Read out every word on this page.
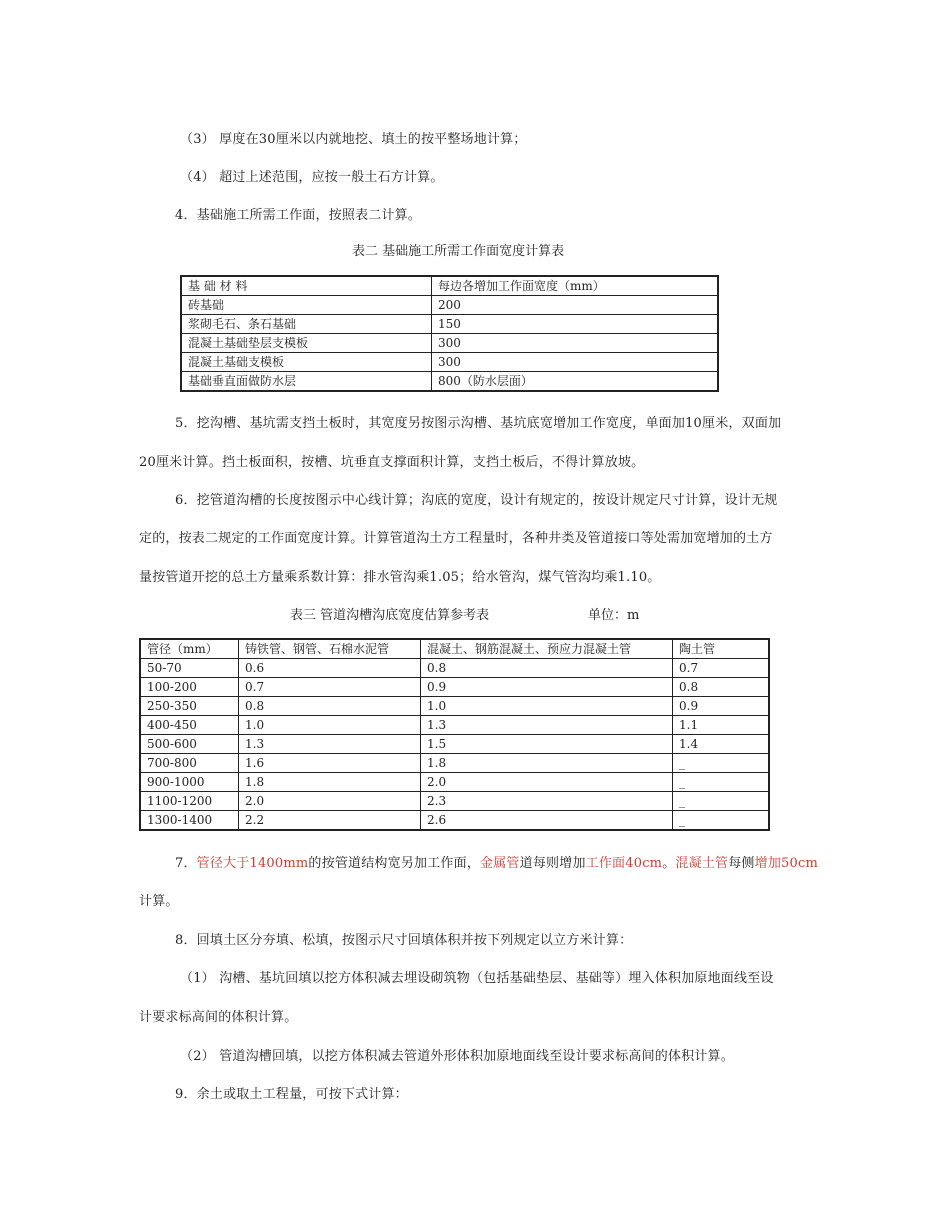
（3） 厚度在30厘米以内就地挖、填土的按平整场地计算；

（4） 超过上述范围，应按一般土石方计算。

4．基础施工所需工作面，按照表二计算。

表二 基础施工所需工作面宽度计算表
基 础 材 料	每边各增加工作面宽度（mm）
砖基础	200
浆砌毛石、条石基础	150
混凝土基础垫层支模板	300
混凝土基础支模板	300
基础垂直面做防水层	800（防水层面）

5．挖沟槽、基坑需支挡土板时，其宽度另按图示沟槽、基坑底宽增加工作宽度，单面加10厘米，双面加

20厘米计算。挡土板面积，按槽、坑垂直支撑面积计算，支挡土板后，不得计算放坡。

6．挖管道沟槽的长度按图示中心线计算；沟底的宽度，设计有规定的，按设计规定尺寸计算，设计无规

定的，按表二规定的工作面宽度计算。计算管道沟土方工程量时，各种井类及管道接口等处需加宽增加的土方

量按管道开挖的总土方量乘系数计算：排水管沟乘1.05；给水管沟，煤气管沟均乘1.10。

表三 管道沟槽沟底宽度估算参考表	单位：m
管径（mm）	铸铁管、钢管、石棉水泥管	混凝土、钢筋混凝土、预应力混凝土管	陶土管
50-70	0.6	0.8	0.7
100-200	0.7	0.9	0.8
250-350	0.8	1.0	0.9
400-450	1.0	1.3	1.1
500-600	1.3	1.5	1.4
700-800	1.6	1.8	_
900-1000	1.8	2.0	_
1100-1200	2.0	2.3	_
1300-1400	2.2	2.6	_

7．管径大于1400mm的按管道结构宽另加工作面，金属管道每则增加工作面40cm。混凝土管每侧增加50cm

计算。

8．回填土区分夯填、松填，按图示尺寸回填体积并按下列规定以立方米计算：

（1） 沟槽、基坑回填以挖方体积减去埋设砌筑物（包括基础垫层、基础等）埋入体积加原地面线至设

计要求标高间的体积计算。

（2） 管道沟槽回填，以挖方体积减去管道外形体积加原地面线至设计要求标高间的体积计算。

9．余土或取土工程量，可按下式计算：
